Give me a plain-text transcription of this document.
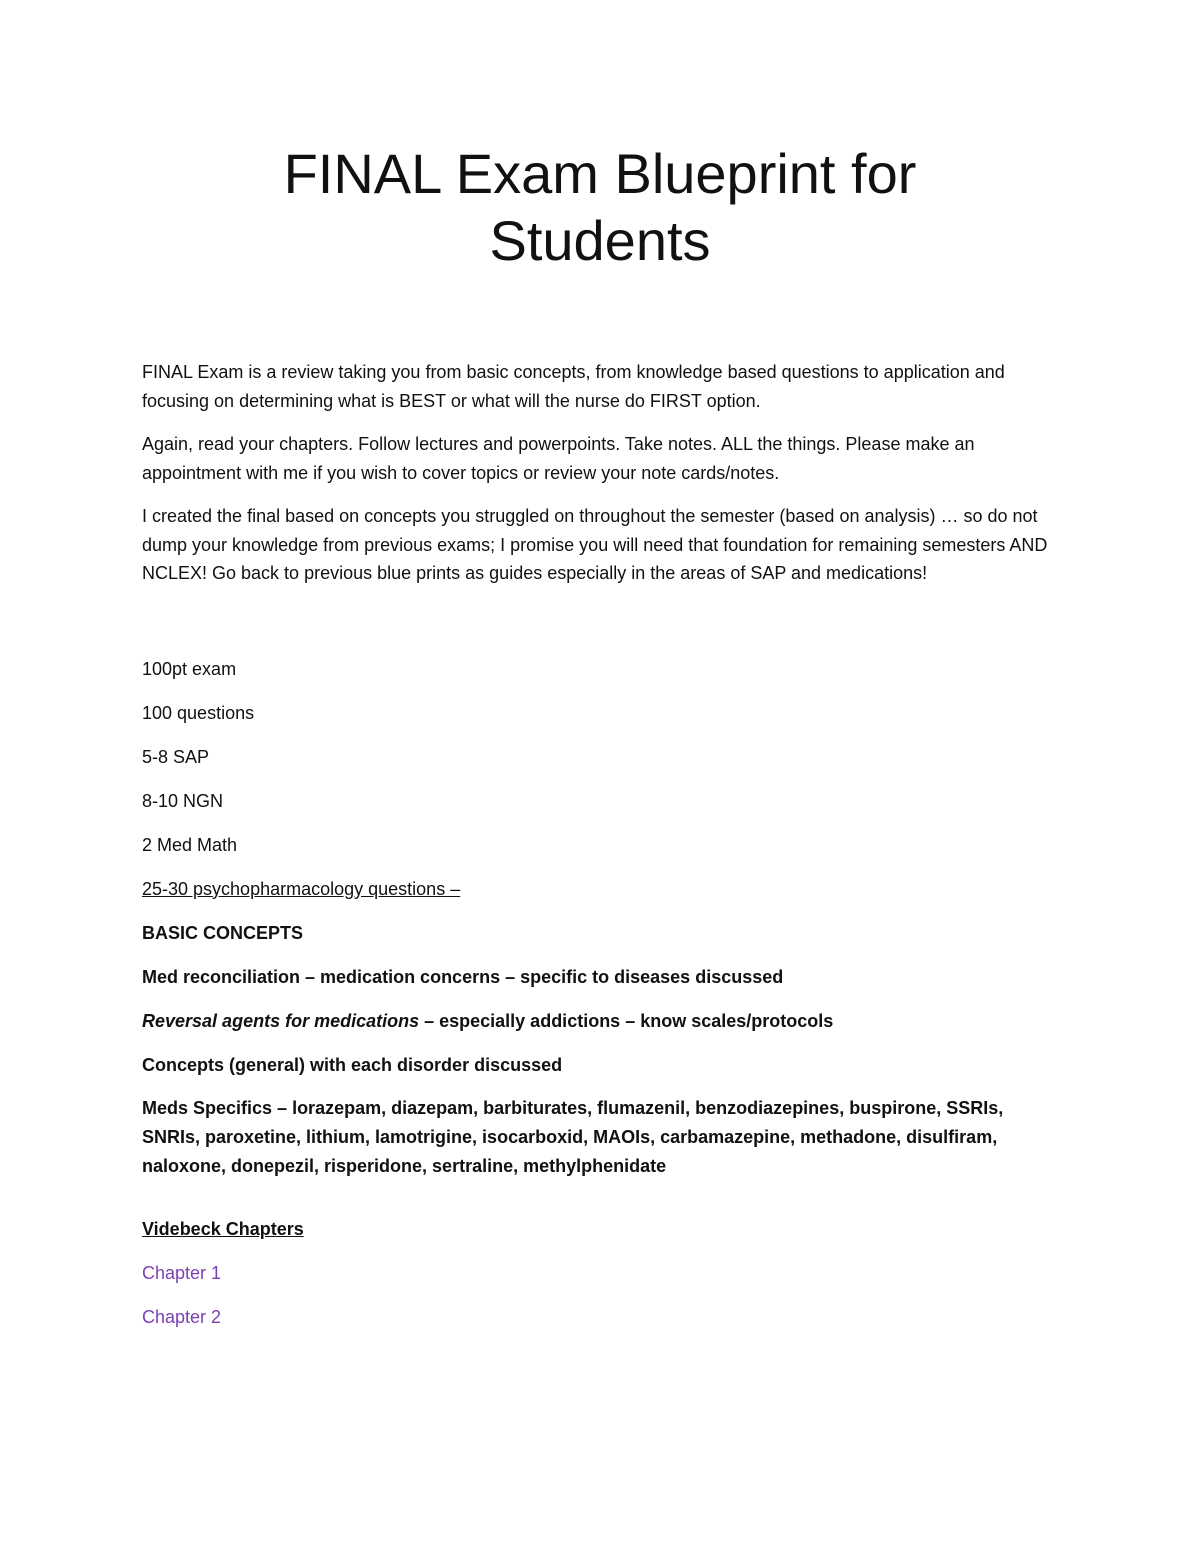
FINAL Exam Blueprint for
Students

FINAL Exam is a review taking you from basic concepts, from knowledge based questions to application and focusing on determining what is BEST or what will the nurse do FIRST option.

Again, read your chapters. Follow lectures and powerpoints. Take notes. ALL the things. Please make an appointment with me if you wish to cover topics or review your note cards/notes.

I created the final based on concepts you struggled on throughout the semester (based on analysis) … so do not dump your knowledge from previous exams; I promise you will need that foundation for remaining semesters AND NCLEX! Go back to previous blue prints as guides especially in the areas of SAP and medications!

100pt exam

100 questions

5-8 SAP

8-10 NGN

2 Med Math

25-30 psychopharmacology questions –

BASIC CONCEPTS

Med reconciliation – medication concerns – specific to diseases discussed

Reversal agents for medications – especially addictions – know scales/protocols

Concepts (general) with each disorder discussed

Meds Specifics – lorazepam, diazepam, barbiturates, flumazenil, benzodiazepines, buspirone, SSRIs, SNRIs, paroxetine, lithium, lamotrigine, isocarboxid, MAOIs, carbamazepine, methadone, disulfiram, naloxone, donepezil, risperidone, sertraline, methylphenidate

Videbeck Chapters

Chapter 1

Chapter 2
